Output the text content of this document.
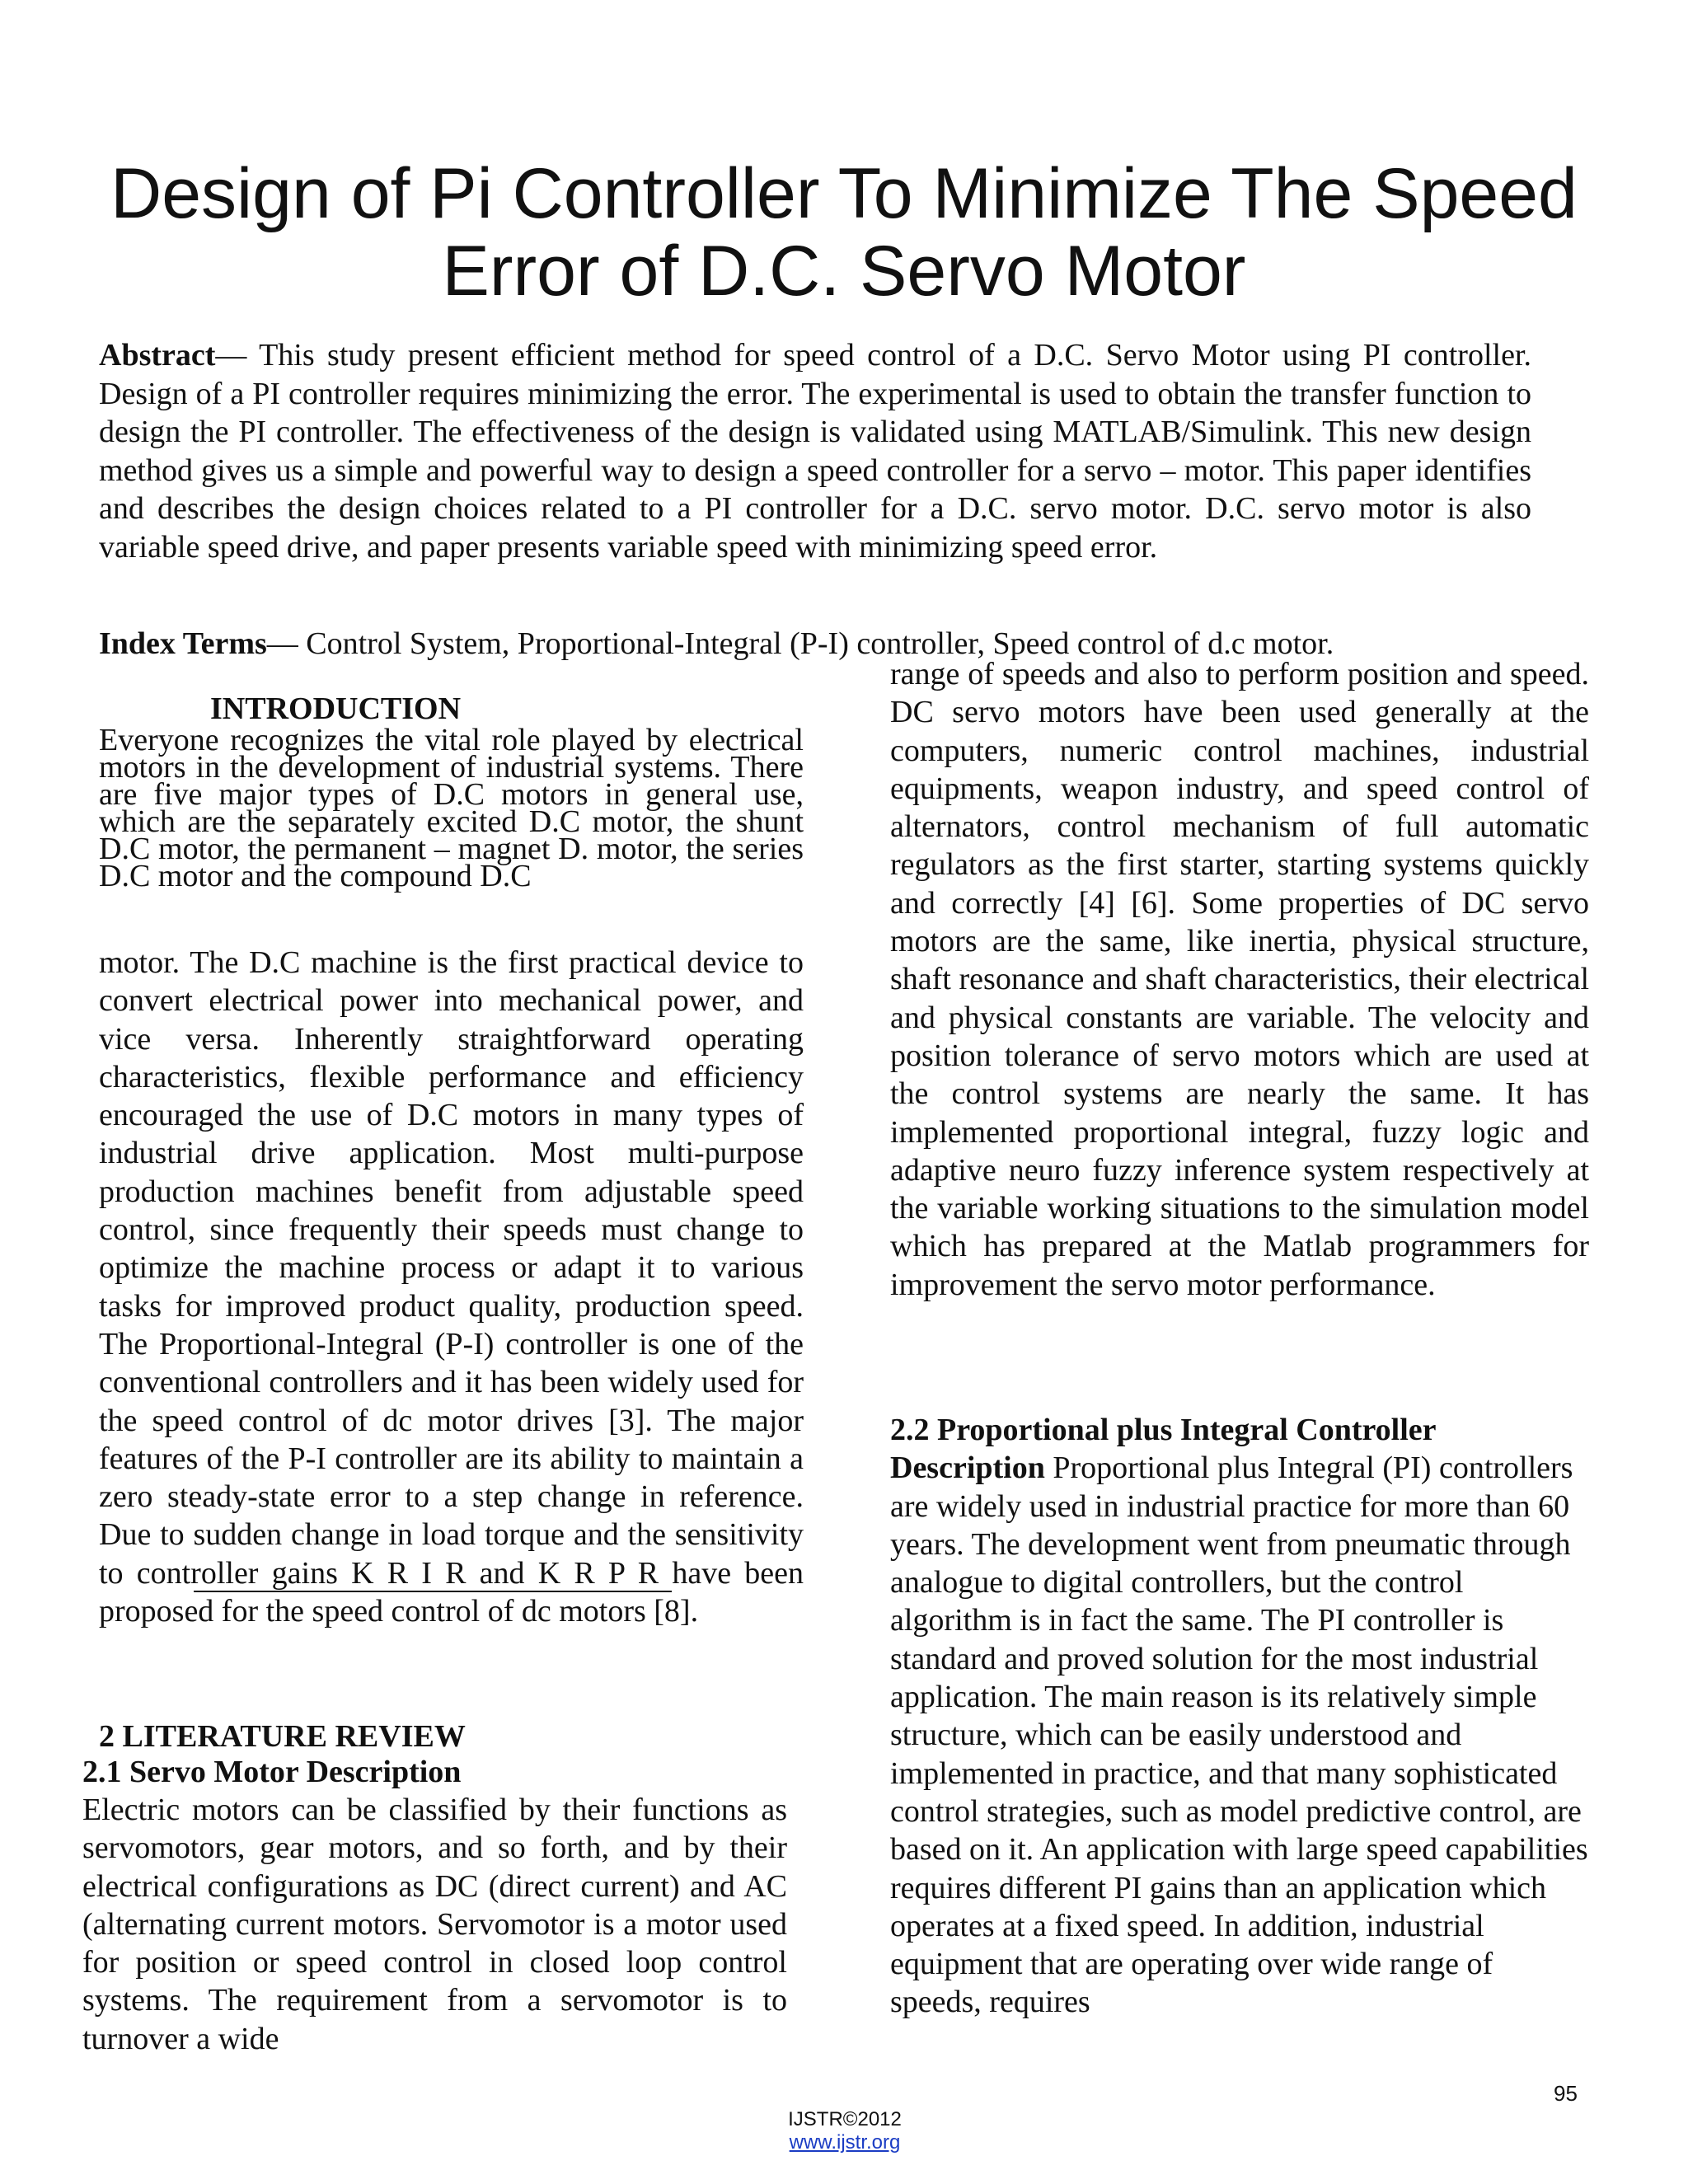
Design of Pi Controller To Minimize The Speed
Error of D.C. Servo Motor
Abstract— This study present efficient method for speed control of a D.C. Servo Motor using PI controller. Design of a PI controller requires minimizing the error. The experimental is used to obtain the transfer function to design the PI controller. The effectiveness of the design is validated using MATLAB/Simulink. This new design method gives us a simple and powerful way to design a speed controller for a servo – motor. This paper identifies and describes the design choices related to a PI controller for a D.C. servo motor. D.C. servo motor is also variable speed drive, and paper presents variable speed with minimizing speed error.
Index Terms— Control System, Proportional-Integral (P-I) controller, Speed control of d.c motor.
INTRODUCTION
Everyone recognizes the vital role played by electrical motors in the development of industrial systems. There are five major types of D.C motors in general use, which are the separately excited D.C motor, the shunt D.C motor, the permanent – magnet D. motor, the series D.C motor and the compound D.C
motor. The D.C machine is the first practical device to convert electrical power into mechanical power, and vice versa. Inherently straightforward operating characteristics, flexible performance and efficiency encouraged the use of D.C motors in many types of industrial drive application. Most multi-purpose production machines benefit from adjustable speed control, since frequently their speeds must change to optimize the machine process or adapt it to various tasks for improved product quality, production speed. The Proportional-Integral (P-I) controller is one of the conventional controllers and it has been widely used for the speed control of dc motor drives [3]. The major features of the P-I controller are its ability to maintain a zero steady-state error to a step change in reference. Due to sudden change in load torque and the sensitivity to controller gains K R I R and K R P R have been proposed for the speed control of dc motors [8].
2 LITERATURE REVIEW
2.1 Servo Motor Description
Electric motors can be classified by their functions as servomotors, gear motors, and so forth, and by their electrical configurations as DC (direct current) and AC (alternating current motors. Servomotor is a motor used for position or speed control in closed loop control systems. The requirement from a servomotor is to turnover a wide
range of speeds and also to perform position and speed. DC servo motors have been used generally at the computers, numeric control machines, industrial equipments, weapon industry, and speed control of alternators, control mechanism of full automatic regulators as the first starter, starting systems quickly and correctly [4] [6]. Some properties of DC servo motors are the same, like inertia, physical structure, shaft resonance and shaft characteristics, their electrical and physical constants are variable. The velocity and position tolerance of servo motors which are used at the control systems are nearly the same. It has implemented proportional integral, fuzzy logic and adaptive neuro fuzzy inference system respectively at the variable working situations to the simulation model which has prepared at the Matlab programmers for improvement the servo motor performance.
2.2 Proportional plus Integral Controller
Description Proportional plus Integral (PI) controllers are widely used in industrial practice for more than 60 years. The development went from pneumatic through analogue to digital controllers, but the control algorithm is in fact the same. The PI controller is standard and proved solution for the most industrial application. The main reason is its relatively simple structure, which can be easily understood and implemented in practice, and that many sophisticated control strategies, such as model predictive control, are based on it. An application with large speed capabilities requires different PI gains than an application which operates at a fixed speed. In addition, industrial equipment that are operating over wide range of speeds, requires
95
IJSTR©2012
www.ijstr.org
